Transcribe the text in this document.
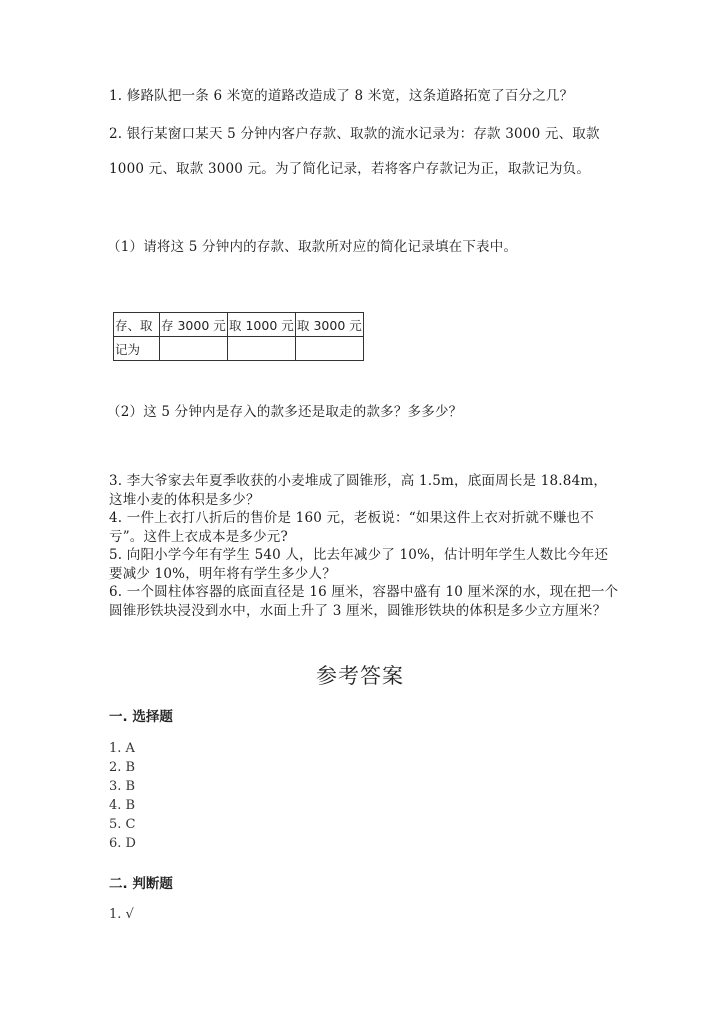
1. 修路队把一条 6 米宽的道路改造成了 8 米宽，这条道路拓宽了百分之几？
2. 银行某窗口某天 5 分钟内客户存款、取款的流水记录为：存款 3000 元、取款
1000 元、取款 3000 元。为了简化记录，若将客户存款记为正，取款记为负。
（1）请将这 5 分钟内的存款、取款所对应的简化记录填在下表中。
存、取	存 3000 元	取 1000 元	取 3000 元
记为			
（2）这 5 分钟内是存入的款多还是取走的款多？多多少？
3. 李大爷家去年夏季收获的小麦堆成了圆锥形，高 1.5m，底面周长是 18.84m，这堆小麦的体积是多少？
4. 一件上衣打八折后的售价是 160 元，老板说：“如果这件上衣对折就不赚也不亏”。这件上衣成本是多少元?
5. 向阳小学今年有学生 540 人，比去年减少了 10%，估计明年学生人数比今年还要减少 10%，明年将有学生多少人？
6. 一个圆柱体容器的底面直径是 16 厘米，容器中盛有 10 厘米深的水，现在把一个圆锥形铁块浸没到水中，水面上升了 3 厘米，圆锥形铁块的体积是多少立方厘米？
参考答案
一. 选择题
1. A
2. B
3. B
4. B
5. C
6. D
二. 判断题
1. √
